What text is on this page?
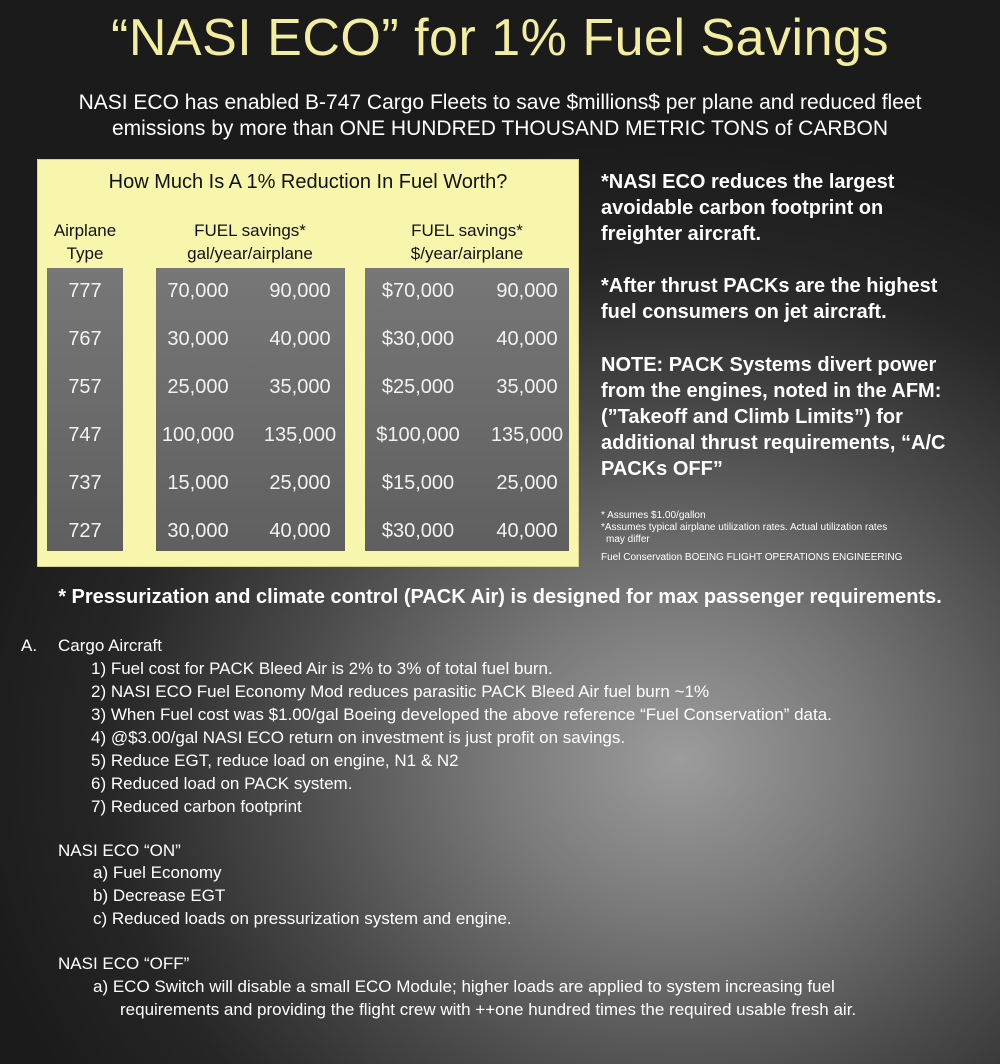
“NASI ECO” for 1% Fuel Savings
NASI ECO has enabled B-747 Cargo Fleets to save $millions$ per plane and reduced fleet
emissions by more than ONE HUNDRED THOUSAND METRIC TONS of CARBON
How Much Is A 1% Reduction In Fuel Worth?
Airplane
Type
FUEL savings*
gal/year/airplane
FUEL savings*
$/year/airplane
777	70,000	90,000	$70,000	90,000
767	30,000	40,000	$30,000	40,000
757	25,000	35,000	$25,000	35,000
747	100,000	135,000	$100,000	135,000
737	15,000	25,000	$15,000	25,000
727	30,000	40,000	$30,000	40,000
*NASI ECO reduces the largest
avoidable carbon footprint on
freighter aircraft.
*After thrust PACKs are the highest
fuel consumers on jet aircraft.
NOTE: PACK Systems divert power
from the engines, noted in the AFM:
(”Takeoff and Climb Limits”) for
additional thrust requirements, “A/C
PACKs OFF”
* Assumes $1.00/gallon
*Assumes typical airplane utilization rates. Actual utilization rates
may differ
Fuel Conservation BOEING FLIGHT OPERATIONS ENGINEERING
* Pressurization and climate control (PACK Air) is designed for max passenger requirements.
A. Cargo Aircraft
1) Fuel cost for PACK Bleed Air is 2% to 3% of total fuel burn.
2) NASI ECO Fuel Economy Mod reduces parasitic PACK Bleed Air fuel burn ~1%
3) When Fuel cost was $1.00/gal Boeing developed the above reference “Fuel Conservation” data.
4) @$3.00/gal NASI ECO return on investment is just profit on savings.
5) Reduce EGT, reduce load on engine, N1 & N2
6) Reduced load on PACK system.
7) Reduced carbon footprint
NASI ECO “ON”
a) Fuel Economy
b) Decrease EGT
c) Reduced loads on pressurization system and engine.
NASI ECO “OFF”
a) ECO Switch will disable a small ECO Module; higher loads are applied to system increasing fuel
requirements and providing the flight crew with ++one hundred times the required usable fresh air.
